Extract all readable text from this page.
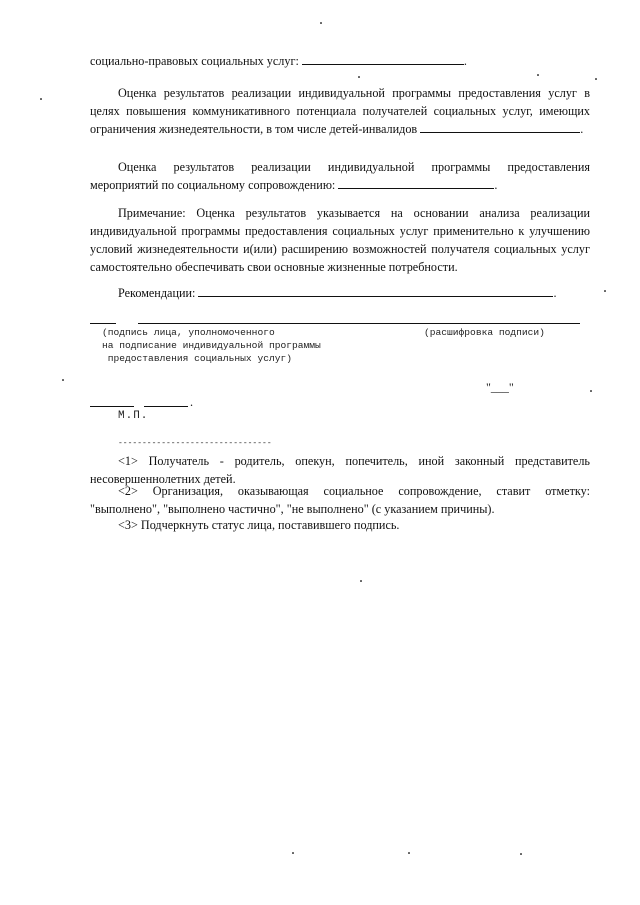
социально-правовых социальных услуг:	.
Оценка результатов реализации индивидуальной программы предоставления услуг в целях повышения коммуникативного потенциала получателей социальных услуг, имеющих ограничения жизнедеятельности, в том числе детей-инвалидов	.
Оценка результатов реализации индивидуальной программы предоставления мероприятий по социальному сопровождению:	.
Примечание: Оценка результатов указывается на основании анализа реализации индивидуальной программы предоставления социальных услуг применительно к улучшению условий жизнедеятельности и(или) расширению возможностей получателя социальных услуг самостоятельно обеспечивать свои основные жизненные потребности.
Рекомендации:	.
(подпись лица, уполномоченного
на подписание индивидуальной программы
предоставления социальных услуг)
(расшифровка подписи)
"___"
.
М.П.
--------------------------------
<1> Получатель - родитель, опекун, попечитель, иной законный представитель несовершеннолетних детей.
<2> Организация, оказывающая социальное сопровождение, ставит отметку: "выполнено", "выполнено частично", "не выполнено" (с указанием причины).
<3> Подчеркнуть статус лица, поставившего подпись.
